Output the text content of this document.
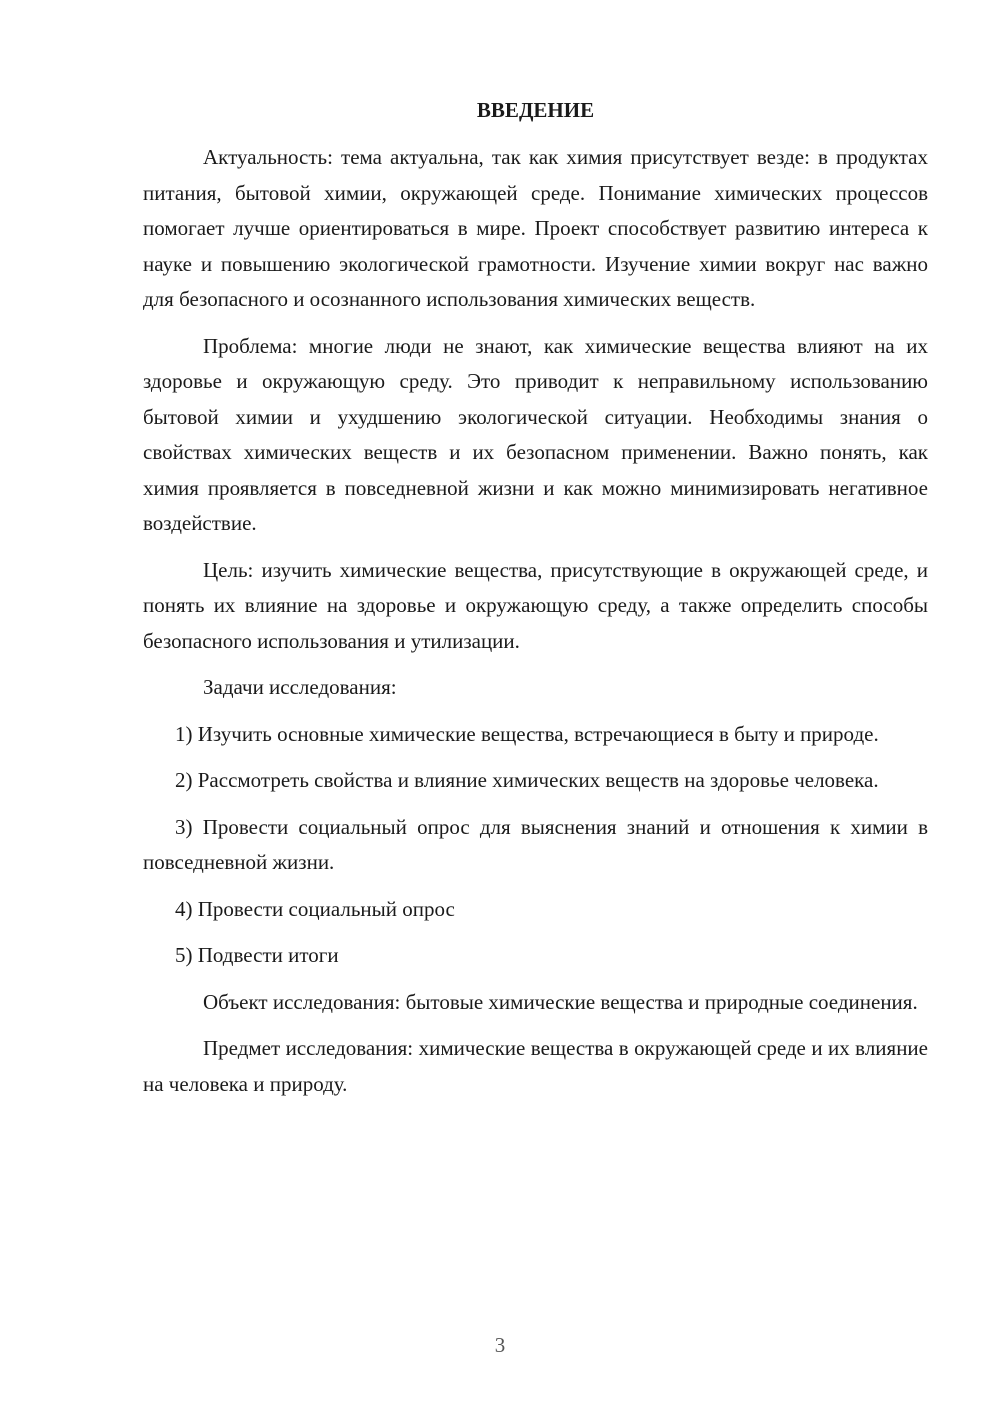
ВВЕДЕНИЕ

Актуальность: тема актуальна, так как химия присутствует везде: в продуктах питания, бытовой химии, окружающей среде. Понимание химических процессов помогает лучше ориентироваться в мире. Проект способствует развитию интереса к науке и повышению экологической грамотности. Изучение химии вокруг нас важно для безопасного и осознанного использования химических веществ.

Проблема: многие люди не знают, как химические вещества влияют на их здоровье и окружающую среду. Это приводит к неправильному использованию бытовой химии и ухудшению экологической ситуации. Необходимы знания о свойствах химических веществ и их безопасном применении. Важно понять, как химия проявляется в повседневной жизни и как можно минимизировать негативное воздействие.

Цель: изучить химические вещества, присутствующие в окружающей среде, и понять их влияние на здоровье и окружающую среду, а также определить способы безопасного использования и утилизации.

Задачи исследования:

1) Изучить основные химические вещества, встречающиеся в быту и природе.

2) Рассмотреть свойства и влияние химических веществ на здоровье человека.

3) Провести социальный опрос для выяснения знаний и отношения к химии в повседневной жизни.

4) Провести социальный опрос

5) Подвести итоги

Объект исследования: бытовые химические вещества и природные соединения.

Предмет исследования: химические вещества в окружающей среде и их влияние на человека и природу.

3
